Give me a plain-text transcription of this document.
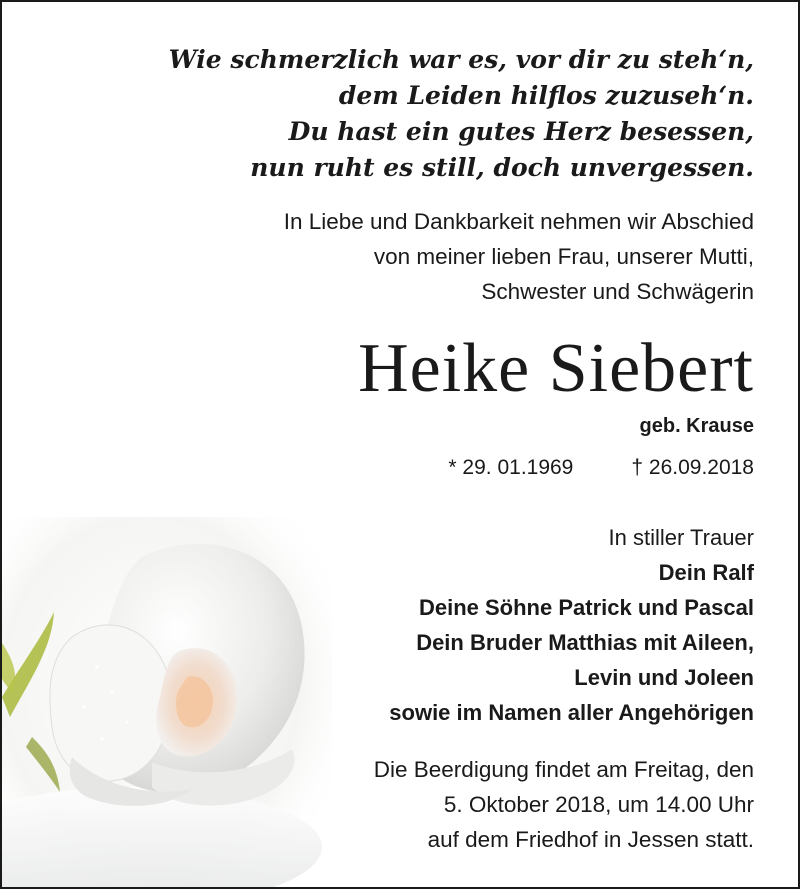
Wie schmerzlich war es, vor dir zu steh‘n,
dem Leiden hilflos zuzuseh‘n.
Du hast ein gutes Herz besessen,
nun ruht es still, doch unvergessen.
In Liebe und Dankbarkeit nehmen wir Abschied
von meiner lieben Frau, unserer Mutti,
Schwester und Schwägerin
Heike Siebert
geb. Krause
* 29. 01.1969	† 26.09.2018
In stiller Trauer
Dein Ralf
Deine Söhne Patrick und Pascal
Dein Bruder Matthias mit Aileen,
Levin und Joleen
sowie im Namen aller Angehörigen
Die Beerdigung findet am Freitag, den
5. Oktober 2018, um 14.00 Uhr
auf dem Friedhof in Jessen statt.
